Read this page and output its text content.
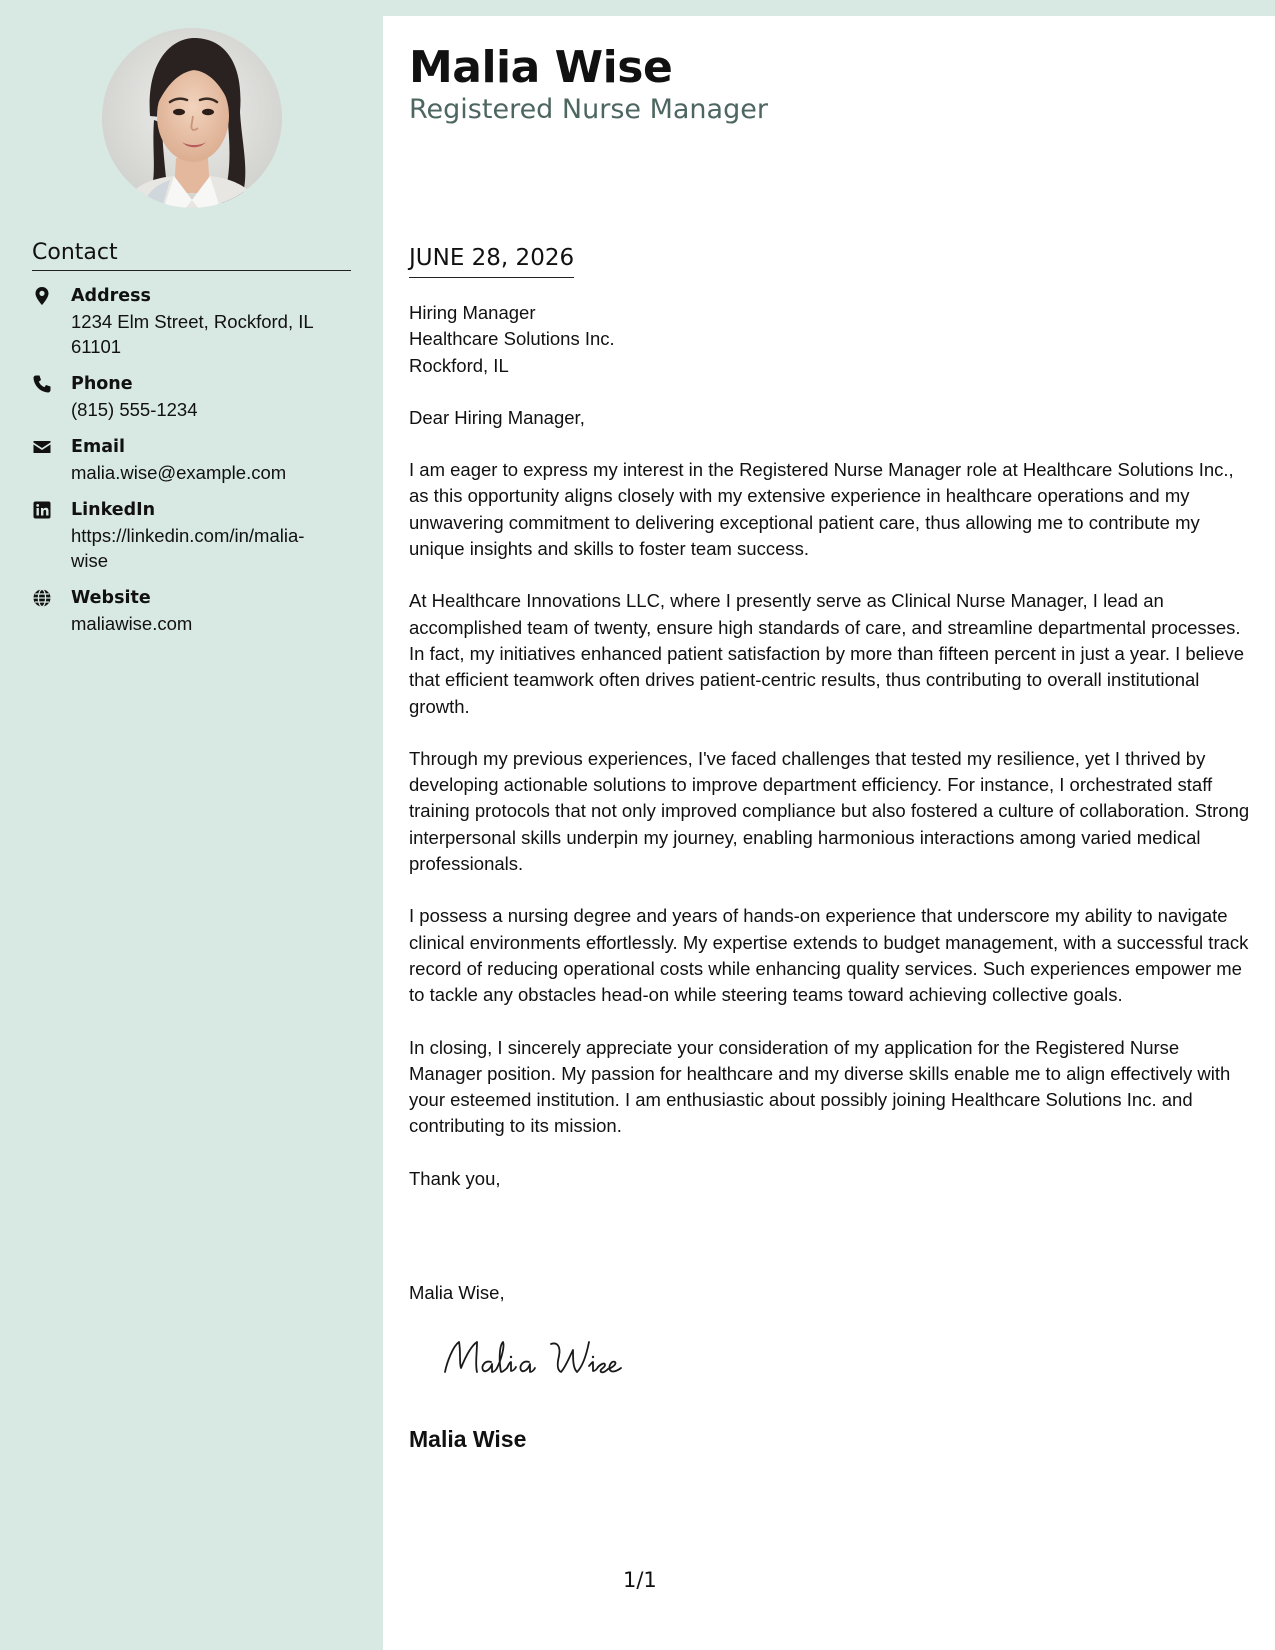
Contact
Address
1234 Elm Street, Rockford, IL 61101
Phone
(815) 555-1234
Email
malia.wise@example.com
LinkedIn
https://linkedin.com/in/malia-wise
Website
maliawise.com
Malia Wise
Registered Nurse Manager
JUNE 28, 2026
Hiring Manager
Healthcare Solutions Inc.
Rockford, IL

Dear Hiring Manager,

I am eager to express my interest in the Registered Nurse Manager role at Healthcare Solutions Inc., as this opportunity aligns closely with my extensive experience in healthcare operations and my unwavering commitment to delivering exceptional patient care, thus allowing me to contribute my unique insights and skills to foster team success.

At Healthcare Innovations LLC, where I presently serve as Clinical Nurse Manager, I lead an accomplished team of twenty, ensure high standards of care, and streamline departmental processes. In fact, my initiatives enhanced patient satisfaction by more than fifteen percent in just a year. I believe that efficient teamwork often drives patient-centric results, thus contributing to overall institutional growth.

Through my previous experiences, I've faced challenges that tested my resilience, yet I thrived by developing actionable solutions to improve department efficiency. For instance, I orchestrated staff training protocols that not only improved compliance but also fostered a culture of collaboration. Strong interpersonal skills underpin my journey, enabling harmonious interactions among varied medical professionals.

I possess a nursing degree and years of hands-on experience that underscore my ability to navigate clinical environments effortlessly. My expertise extends to budget management, with a successful track record of reducing operational costs while enhancing quality services. Such experiences empower me to tackle any obstacles head-on while steering teams toward achieving collective goals.

In closing, I sincerely appreciate your consideration of my application for the Registered Nurse Manager position. My passion for healthcare and my diverse skills enable me to align effectively with your esteemed institution. I am enthusiastic about possibly joining Healthcare Solutions Inc. and contributing to its mission.

Thank you,

Malia Wise,
Malia Wise
1/1
